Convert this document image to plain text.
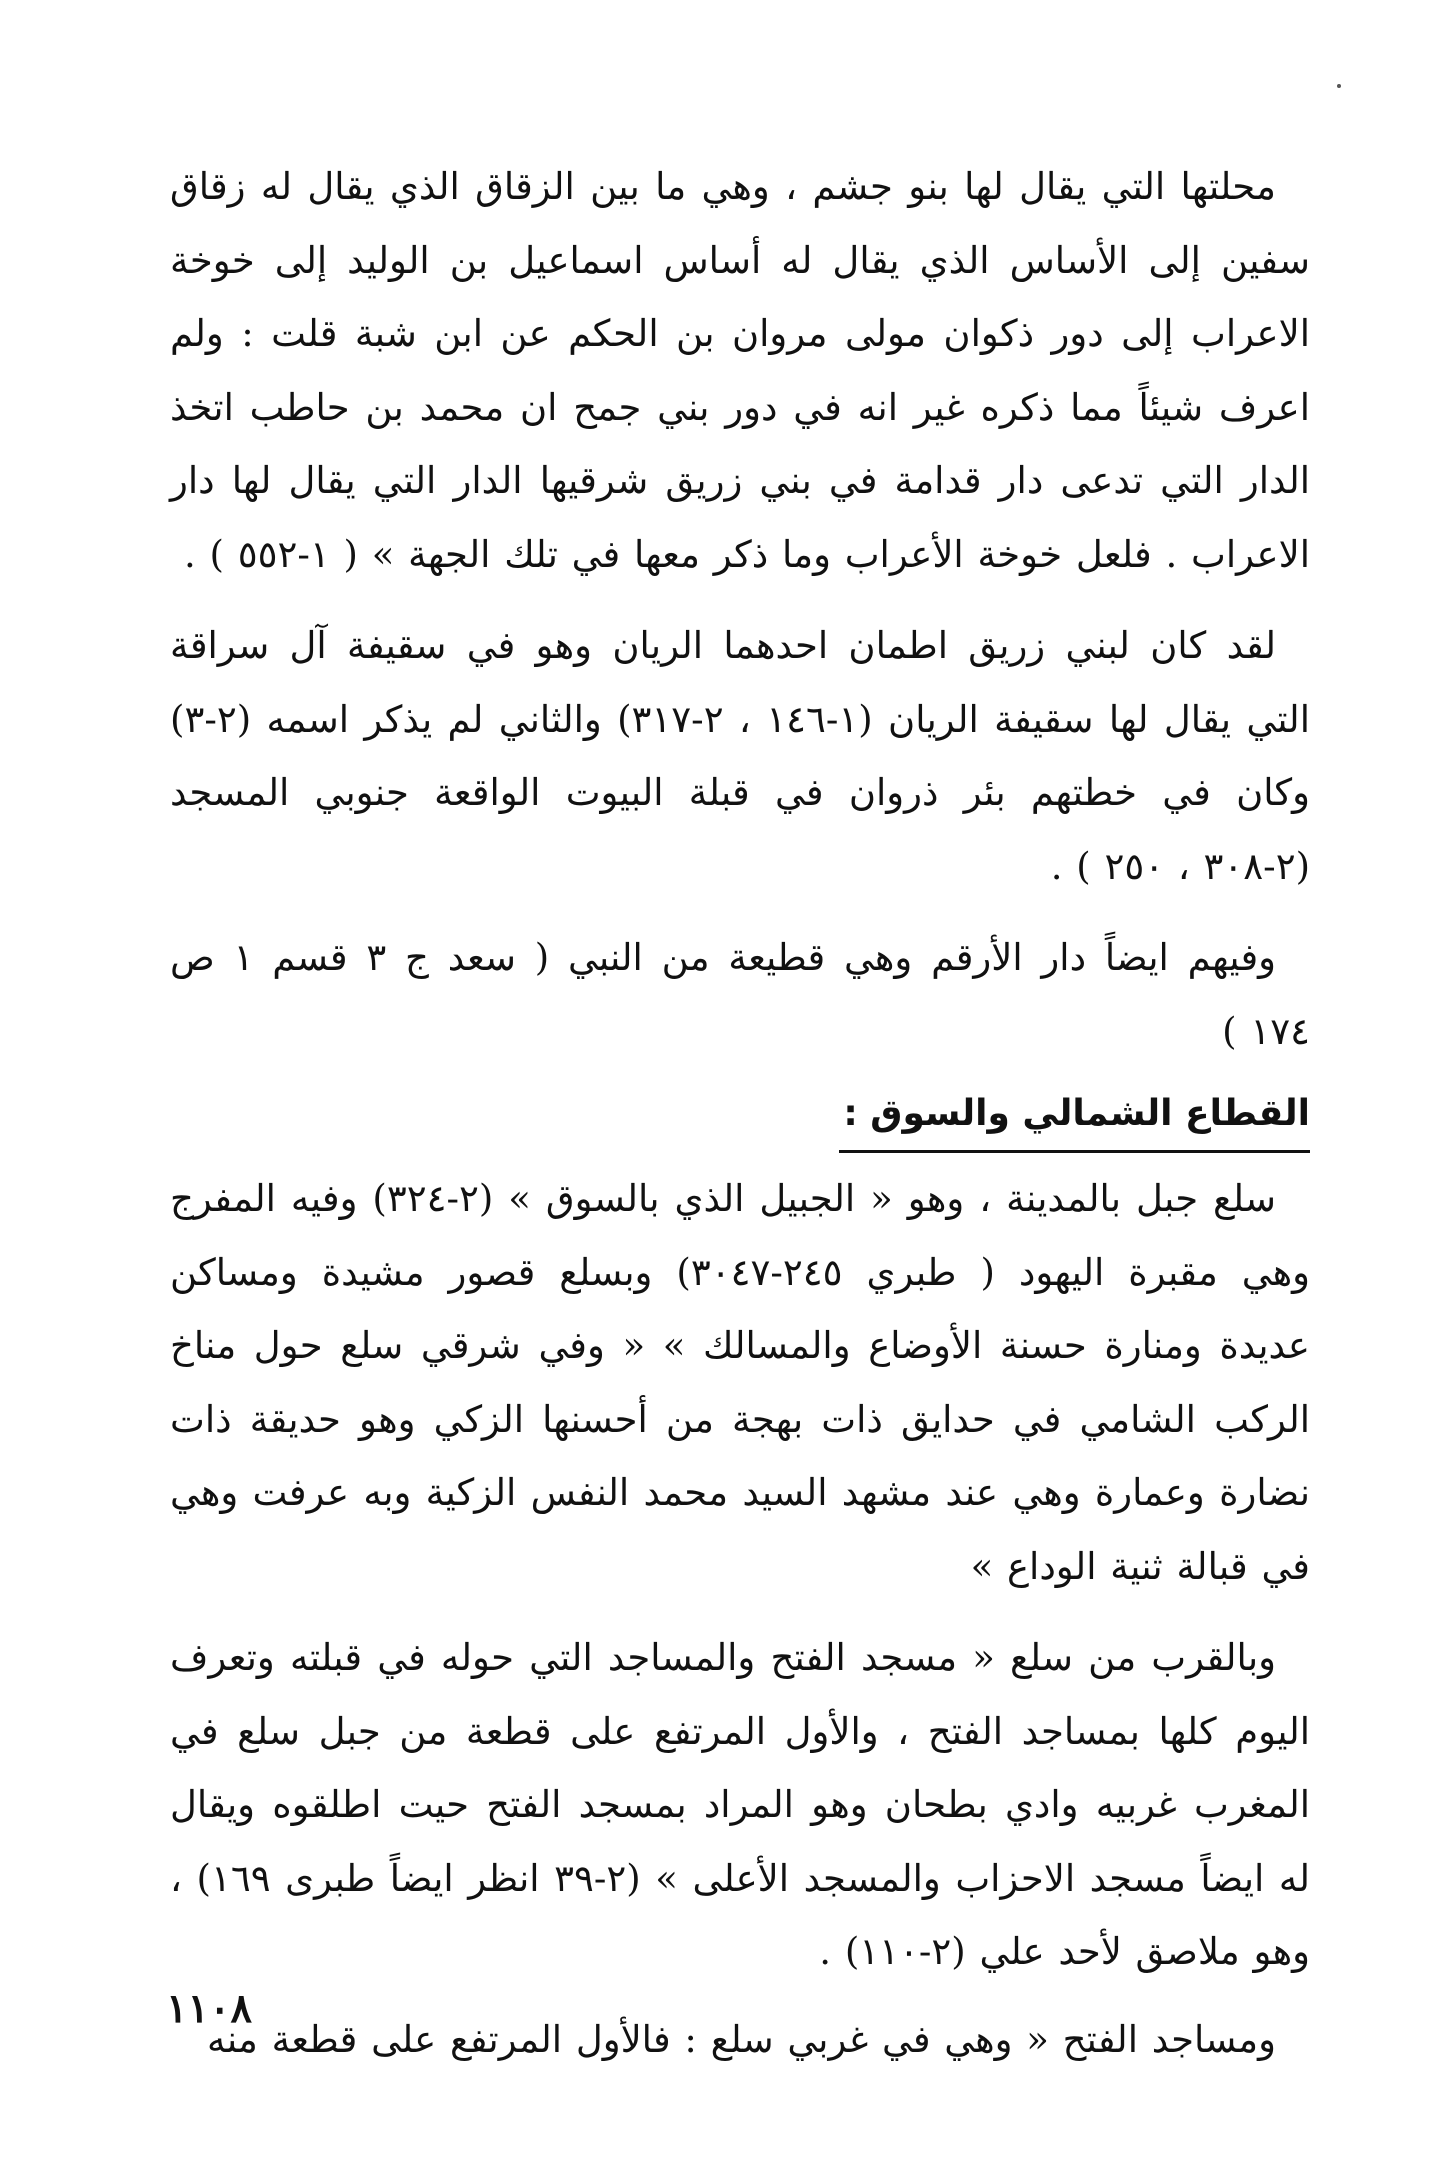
محلتها التي يقال لها بنو جشم ، وهي ما بين الزقاق الذي يقال له زقاق سفين إلى الأساس الذي يقال له أساس اسماعيل بن الوليد إلى خوخة الاعراب إلى دور ذكوان مولى مروان بن الحكم عن ابن شبة قلت : ولم اعرف شيئاً مما ذكره غير انه في دور بني جمح ان محمد بن حاطب اتخذ الدار التي تدعى دار قدامة في بني زريق شرقيها الدار التي يقال لها دار الاعراب . فلعل خوخة الأعراب وما ذكر معها في تلك الجهة » ( ١-٥٥٢ ) .

لقد كان لبني زريق اطمان احدهما الريان وهو في سقيفة آل سراقة التي يقال لها سقيفة الريان (١-١٤٦ ، ٢-٣١٧) والثاني لم يذكر اسمه (٢-٣) وكان في خطتهم بئر ذروان في قبلة البيوت الواقعة جنوبي المسجد (٢-٣٠٨ ، ٢٥٠ ) .

وفيهم ايضاً دار الأرقم وهي قطيعة من النبي ( سعد ج ٣ قسم ١ ص ١٧٤ )

القطاع الشمالي والسوق :

سلع جبل بالمدينة ، وهو « الجبيل الذي بالسوق » (٢-٣٢٤) وفيه المفرج وهي مقبرة اليهود ( طبري ٢٤٥-٣٠٤٧) وبسلع قصور مشيدة ومساكن عديدة ومنارة حسنة الأوضاع والمسالك » « وفي شرقي سلع حول مناخ الركب الشامي في حدايق ذات بهجة من أحسنها الزكي وهو حديقة ذات نضارة وعمارة وهي عند مشهد السيد محمد النفس الزكية وبه عرفت وهي في قبالة ثنية الوداع »

وبالقرب من سلع « مسجد الفتح والمساجد التي حوله في قبلته وتعرف اليوم كلها بمساجد الفتح ، والأول المرتفع على قطعة من جبل سلع في المغرب غربيه وادي بطحان وهو المراد بمسجد الفتح حيت اطلقوه ويقال له ايضاً مسجد الاحزاب والمسجد الأعلى » (٢-٣٩ انظر ايضاً طبرى ١٦٩) ، وهو ملاصق لأحد علي (٢-١١٠) .

ومساجد الفتح « وهي في غربي سلع : فالأول المرتفع على قطعة منه

١١٠٨
